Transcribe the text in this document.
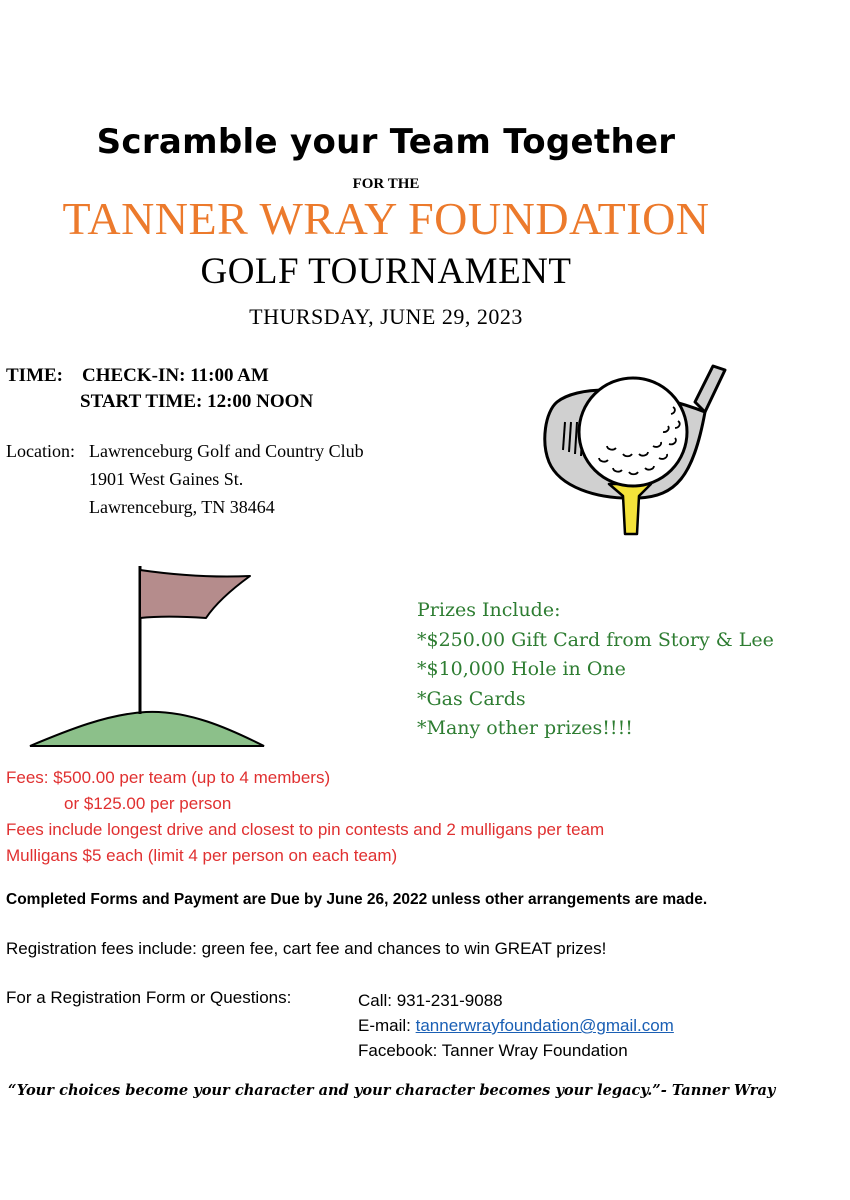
Scramble your Team Together
FOR THE
TANNER WRAY FOUNDATION
GOLF TOURNAMENT
THURSDAY, JUNE 29, 2023
TIME: CHECK-IN: 11:00 AM
START TIME: 12:00 NOON
Location: Lawrenceburg Golf and Country Club
1901 West Gaines St.
Lawrenceburg, TN 38464
Prizes Include:
*$250.00 Gift Card from Story & Lee
*$10,000 Hole in One
*Gas Cards
*Many other prizes!!!!
Fees: $500.00 per team (up to 4 members)
or $125.00 per person
Fees include longest drive and closest to pin contests and 2 mulligans per team
Mulligans $5 each (limit 4 per person on each team)
Completed Forms and Payment are Due by June 26, 2022 unless other arrangements are made.
Registration fees include: green fee, cart fee and chances to win GREAT prizes!
For a Registration Form or Questions:	Call: 931-231-9088
E-mail: tannerwrayfoundation@gmail.com
Facebook: Tanner Wray Foundation
“Your choices become your character and your character becomes your legacy.”- Tanner Wray
